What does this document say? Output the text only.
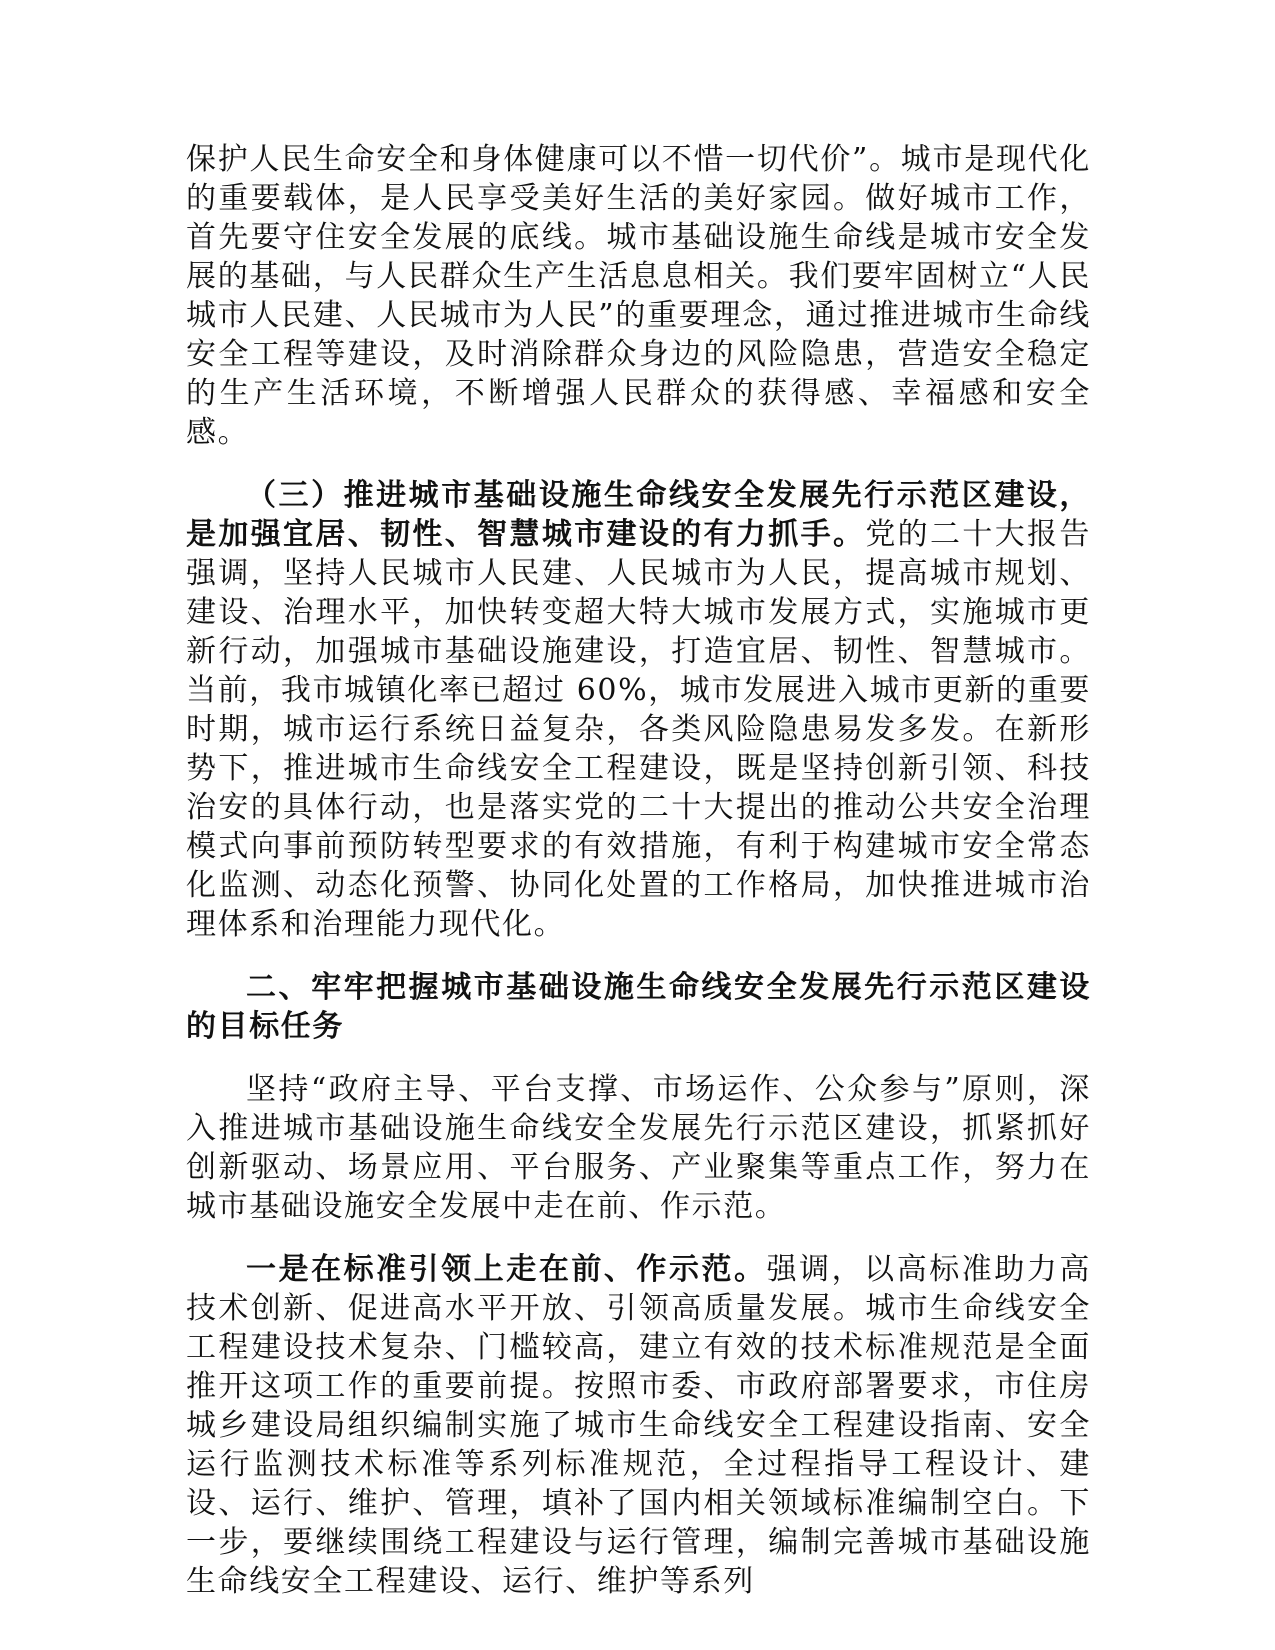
保护人民生命安全和身体健康可以不惜一切代价”。城市是现代化的重要载体，是人民享受美好生活的美好家园。做好城市工作，首先要守住安全发展的底线。城市基础设施生命线是城市安全发展的基础，与人民群众生产生活息息相关。我们要牢固树立“人民城市人民建、人民城市为人民”的重要理念，通过推进城市生命线安全工程等建设，及时消除群众身边的风险隐患，营造安全稳定的生产生活环境，不断增强人民群众的获得感、幸福感和安全感。

（三）推进城市基础设施生命线安全发展先行示范区建设，是加强宜居、韧性、智慧城市建设的有力抓手。党的二十大报告强调，坚持人民城市人民建、人民城市为人民，提高城市规划、建设、治理水平，加快转变超大特大城市发展方式，实施城市更新行动，加强城市基础设施建设，打造宜居、韧性、智慧城市。当前，我市城镇化率已超过 60%，城市发展进入城市更新的重要时期，城市运行系统日益复杂，各类风险隐患易发多发。在新形势下，推进城市生命线安全工程建设，既是坚持创新引领、科技治安的具体行动，也是落实党的二十大提出的推动公共安全治理模式向事前预防转型要求的有效措施，有利于构建城市安全常态化监测、动态化预警、协同化处置的工作格局，加快推进城市治理体系和治理能力现代化。

二、牢牢把握城市基础设施生命线安全发展先行示范区建设的目标任务

坚持“政府主导、平台支撑、市场运作、公众参与”原则，深入推进城市基础设施生命线安全发展先行示范区建设，抓紧抓好创新驱动、场景应用、平台服务、产业聚集等重点工作，努力在城市基础设施安全发展中走在前、作示范。

一是在标准引领上走在前、作示范。强调，以高标准助力高技术创新、促进高水平开放、引领高质量发展。城市生命线安全工程建设技术复杂、门槛较高，建立有效的技术标准规范是全面推开这项工作的重要前提。按照市委、市政府部署要求，市住房城乡建设局组织编制实施了城市生命线安全工程建设指南、安全运行监测技术标准等系列标准规范，全过程指导工程设计、建设、运行、维护、管理，填补了国内相关领域标准编制空白。下一步，要继续围绕工程建设与运行管理，编制完善城市基础设施生命线安全工程建设、运行、维护等系列
